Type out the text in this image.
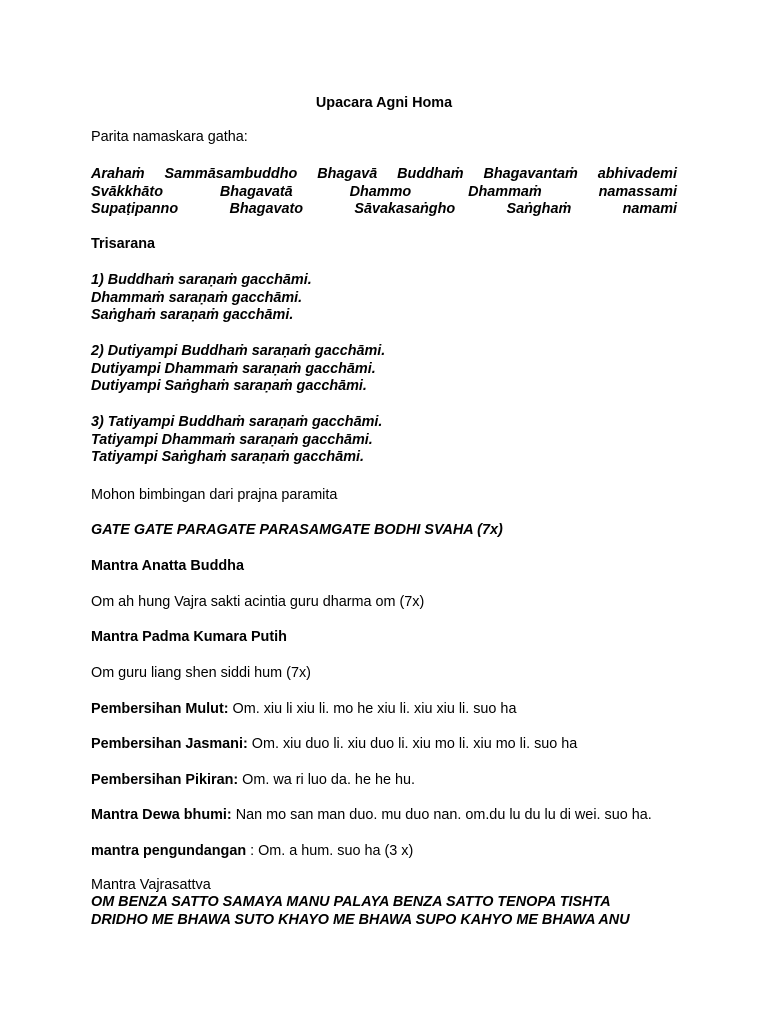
Upacara Agni Homa
Parita namaskara gatha:
Arahaṁ Sammāsambuddho Bhagavā Buddhaṁ Bhagavantaṁ abhivademi
Svākkhāto	Bhagavatā	Dhammo	Dhammaṁ	namassami
Supaṭipanno	Bhagavato	Sāvakasaṅgho	Saṅghaṁ	namami
Trisarana
1) Buddhaṁ saraṇaṁ gacchāmi.
Dhammaṁ saraṇaṁ gacchāmi.
Saṅghaṁ saraṇaṁ gacchāmi.
2) Dutiyampi Buddhaṁ saraṇaṁ gacchāmi.
Dutiyampi Dhammaṁ saraṇaṁ gacchāmi.
Dutiyampi Saṅghaṁ saraṇaṁ gacchāmi.
3) Tatiyampi Buddhaṁ saraṇaṁ gacchāmi.
Tatiyampi Dhammaṁ saraṇaṁ gacchāmi.
Tatiyampi Saṅghaṁ saraṇaṁ gacchāmi.
Mohon bimbingan dari prajna paramita
GATE GATE PARAGATE PARASAMGATE BODHI SVAHA (7x)
Mantra Anatta Buddha
Om ah hung Vajra sakti acintia guru dharma om (7x)
Mantra Padma Kumara Putih
Om guru liang shen siddi hum (7x)
Pembersihan Mulut: Om. xiu li xiu li. mo he xiu li. xiu xiu li. suo ha
Pembersihan Jasmani: Om. xiu duo li. xiu duo li. xiu mo li. xiu mo li. suo ha
Pembersihan Pikiran: Om. wa ri luo da. he he hu.
Mantra Dewa bhumi: Nan mo san man duo. mu duo nan. om.du lu du lu di wei. suo ha.
mantra pengundangan : Om. a hum. suo ha (3 x)
Mantra Vajrasattva
OM BENZA SATTO SAMAYA MANU PALAYA BENZA SATTO TENOPA TISHTA
DRIDHO ME BHAWA SUTO KHAYO ME BHAWA SUPO KAHYO ME BHAWA ANU
